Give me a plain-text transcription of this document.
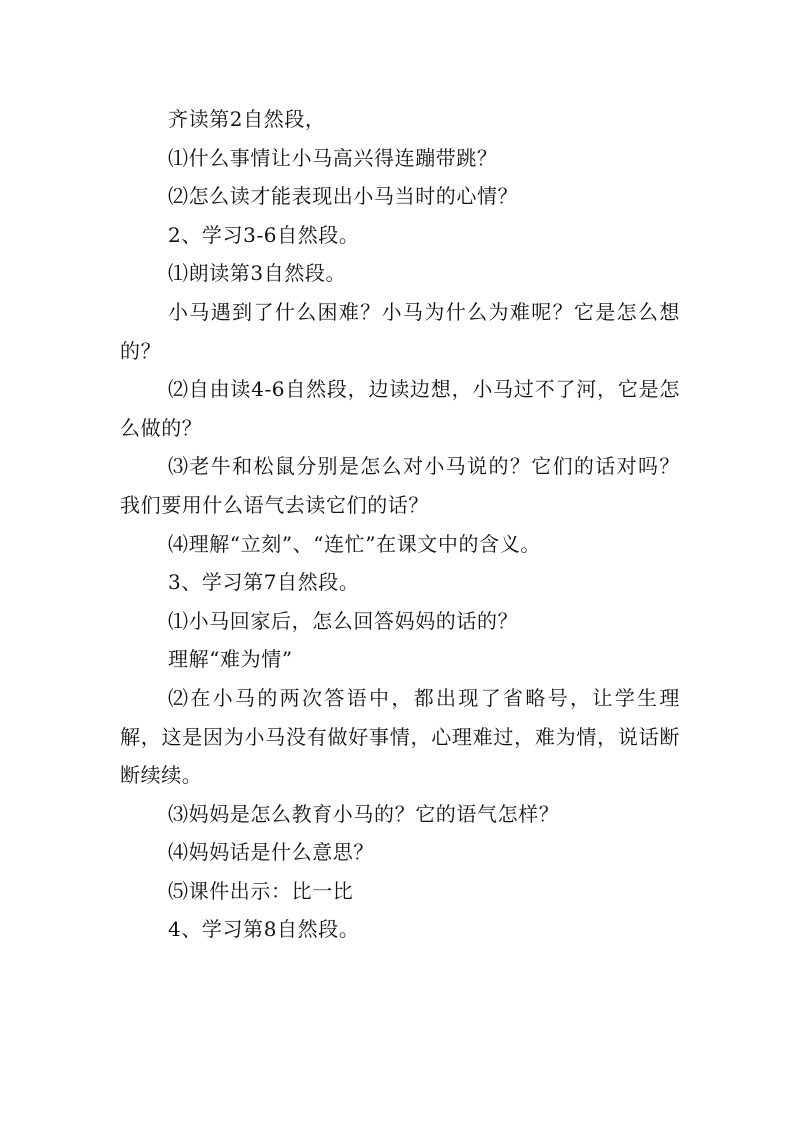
齐读第2自然段，

⑴什么事情让小马高兴得连蹦带跳？

⑵怎么读才能表现出小马当时的心情？

2、学习3-6自然段。

⑴朗读第3自然段。

小马遇到了什么困难？小马为什么为难呢？它是怎么想的？

⑵自由读4-6自然段，边读边想，小马过不了河，它是怎么做的？

⑶老牛和松鼠分别是怎么对小马说的？它们的话对吗？我们要用什么语气去读它们的话？

⑷理解“立刻”、“连忙”在课文中的含义。

3、学习第7自然段。

⑴小马回家后，怎么回答妈妈的话的？

理解“难为情”

⑵在小马的两次答语中，都出现了省略号，让学生理解，这是因为小马没有做好事情，心理难过，难为情，说话断断续续。

⑶妈妈是怎么教育小马的？它的语气怎样？

⑷妈妈话是什么意思？

⑸课件出示：比一比

4、学习第8自然段。
